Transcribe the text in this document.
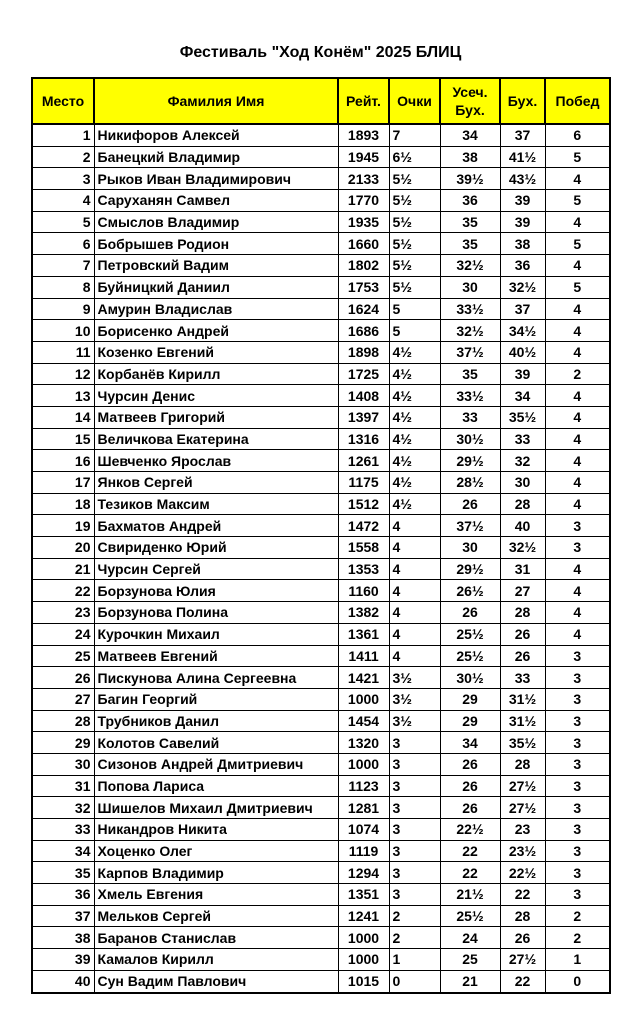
Фестиваль "Ход Конём" 2025 БЛИЦ
Место	Фамилия Имя	Рейт.	Очки	Усеч. Бух.	Бух.	Побед
1	Никифоров Алексей	1893	7	34	37	6
2	Банецкий Владимир	1945	6½	38	41½	5
3	Рыков Иван Владимирович	2133	5½	39½	43½	4
4	Саруханян Самвел	1770	5½	36	39	5
5	Смыслов Владимир	1935	5½	35	39	4
6	Бобрышев Родион	1660	5½	35	38	5
7	Петровский Вадим	1802	5½	32½	36	4
8	Буйницкий Даниил	1753	5½	30	32½	5
9	Амурин Владислав	1624	5	33½	37	4
10	Борисенко Андрей	1686	5	32½	34½	4
11	Козенко Евгений	1898	4½	37½	40½	4
12	Корбанёв Кирилл	1725	4½	35	39	2
13	Чурсин Денис	1408	4½	33½	34	4
14	Матвеев Григорий	1397	4½	33	35½	4
15	Величкова Екатерина	1316	4½	30½	33	4
16	Шевченко Ярослав	1261	4½	29½	32	4
17	Янков Сергей	1175	4½	28½	30	4
18	Тезиков Максим	1512	4½	26	28	4
19	Бахматов Андрей	1472	4	37½	40	3
20	Свириденко Юрий	1558	4	30	32½	3
21	Чурсин Сергей	1353	4	29½	31	4
22	Борзунова Юлия	1160	4	26½	27	4
23	Борзунова Полина	1382	4	26	28	4
24	Курочкин Михаил	1361	4	25½	26	4
25	Матвеев Евгений	1411	4	25½	26	3
26	Пискунова Алина Сергеевна	1421	3½	30½	33	3
27	Багин Георгий	1000	3½	29	31½	3
28	Трубников Данил	1454	3½	29	31½	3
29	Колотов Савелий	1320	3	34	35½	3
30	Сизонов Андрей Дмитриевич	1000	3	26	28	3
31	Попова Лариса	1123	3	26	27½	3
32	Шишелов Михаил Дмитриевич	1281	3	26	27½	3
33	Никандров Никита	1074	3	22½	23	3
34	Хоценко Олег	1119	3	22	23½	3
35	Карпов Владимир	1294	3	22	22½	3
36	Хмель Евгения	1351	3	21½	22	3
37	Мельков Сергей	1241	2	25½	28	2
38	Баранов Станислав	1000	2	24	26	2
39	Камалов Кирилл	1000	1	25	27½	1
40	Сун Вадим Павлович	1015	0	21	22	0
